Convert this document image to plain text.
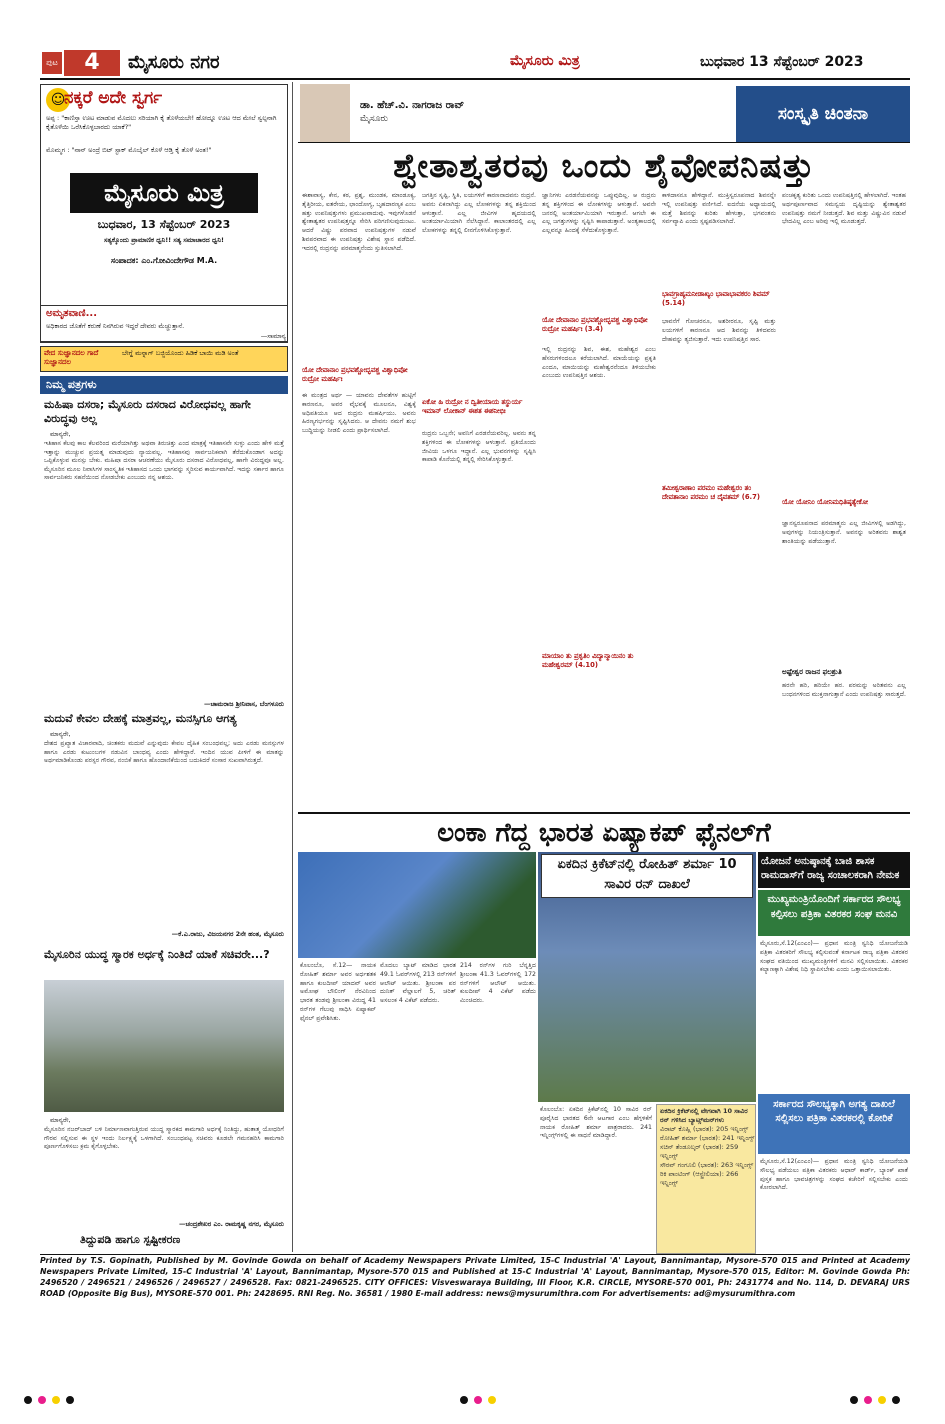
ಪುಟ	4	ಮೈಸೂರು ನಗರ	ಮೈಸೂರು ಮಿತ್ರ	ಬುಧವಾರ 13 ಸೆಪ್ಟೆಂಬರ್ 2023
☺
ನಕ್ಕರೆ ಅದೇ ಸ್ವರ್ಗ
ಅಪ್ಪ : "ಕಾಣಿಸ್ತಾ ಊಟ ಮಾಡುವ ಮೊದಲು ಸರಿಯಾಗಿ ಕೈ ತೊಳೆಯಬೇ! ಹೋದ್ನೂ ಊಟ ಆದ ಮೇಲೆ ಸ್ವಲ್ಪನಾಗಿ ಕೈತೊಳೆಯಿ ಒರೆಸಿಕೊಳ್ಳಬಾರದು ಯಾಕೆ?"
ಮೊಮ್ಮಗ : "ನಾನ್ ಅಂದ್ರೆ ಬಿಟ್ ಸ್ಟಾಕ್ ಮೊಬೈಲ್ ಕೊಳೆ ಆಡ್ತಿ ಕೈ ತೊಳೆ ಅಂತ!"
ಮೈಸೂರು ಮಿತ್ರ
ಬುಧವಾರ, 13 ಸೆಪ್ಟೆಂಬರ್ 2023
ಸತ್ಯಕ್ಕೊಂದು ಪ್ರಾಮಾಣಿಕ ಧ್ವನಿ!! ಸತ್ಯ ಸಮಾಚಾರದ ಧ್ವನಿ!
ಸಂಪಾದಕ: ಎಂ.ಗೋವಿಂದೇಗೌಡ M.A.
ಅಮೃತವಾಣಿ...
ಅಧಿಕಾರದ ಜೊತೆಗೆ ಕರುಣೆ ನಿನಗಿರುವ ಇದ್ದರೆ ದೇವರು ಮೆಚ್ಚುತ್ತಾನೆ.
—ಸಾಮಾನ್ಯ
ವೇದ ಸುಜ್ಞಾನದಲ ಗಾದೆ ಸುಜ್ಞಾನದಲ
ಬೇಗ್ಡೆ ಮನ್ನಾಗ್ ಬಜ್ಜಿಯೊಂದು ಹಿಡಿಕೆ ಬಾಯಿ ಮಡಿ ಅಂತೆ
ನಿಮ್ಮ ಪತ್ರಗಳು
ಮಹಿಷಾ ದಸರಾ; ಮೈಸೂರು ದಸರಾದ ವಿರೋಧವಲ್ಲ ಹಾಗೇ ವಿರುದ್ಧವು ಅಲ್ಲ
ಮಾನ್ಯರೇ,
ಇತಿಹಾಸ ಕೆಲವು ಕಾಲ ಕೆಲವರಿಂದ ಮರೆಯಾಗಿತ್ತು ಅಥವಾ ತಿರುಚಿತ್ತು ಎಂದ ಮಾತ್ರಕ್ಕೆ ಇತಿಹಾಸವೇ ಸುಳ್ಳು ಎಂದು ಹೇಳಿ ಮತ್ತೆ ಇತ್ತಾನ್ನು ಮುಚ್ಚುವ ಪ್ರಯತ್ನ ಮಾಡುವುದು ನ್ಯಾಯವಲ್ಲ. ಇತಿಹಾಸವು ಸಾರ್ವಜನಿಕವಾಗಿ ತೆರೆದುಕೊಂಡಾಗ ಅದನ್ನು ಒಪ್ಪಿಕೊಳ್ಳುವ ಮನಸ್ಸು ಬೇಕು. ಮಹಿಷಾ ದಸರಾ ಆಚರಣೆಯು ಮೈಸೂರು ದಸರಾದ ವಿರೋಧವಲ್ಲ, ಹಾಗೇ ವಿರುದ್ಧವೂ ಅಲ್ಲ. ಮೈಸೂರಿನ ಮೂಲ ನಿವಾಸಿಗಳ ಸಾಂಸ್ಕೃತಿಕ ಇತಿಹಾಸದ ಒಂದು ಭಾಗವನ್ನು ಸ್ಮರಿಸುವ ಕಾರ್ಯವಾಗಿದೆ. ಇದನ್ನು ಸರ್ಕಾರ ಹಾಗೂ ಸಾರ್ವಜನಿಕರು ಸಹನೆಯಿಂದ ನೋಡಬೇಕು ಎಂಬುದು ನನ್ನ ಆಶಯ.
—ಚಾಮರಾಜ ಶ್ರೀನಿವಾಸ, ಬೆಂಗಳೂರು
ಮದುವೆ ಕೇವಲ ದೇಹಕ್ಕೆ ಮಾತ್ರವಲ್ಲ, ಮನಸ್ಸಿಗೂ ಆಗತ್ಯ
ಮಾನ್ಯರೇ,
ದೇಶದ ಪ್ರಖ್ಯಾತ ವಿಚಾರವಾದಿ, ಚಿಂತಕರು ಮದುವೆ ಎನ್ನುವುದು ಕೇವಲ ದೈಹಿಕ ಸಂಬಂಧವಲ್ಲ; ಅದು ಎರಡು ಮನಸ್ಸುಗಳ ಹಾಗೂ ಎರಡು ಕುಟುಂಬಗಳ ನಡುವಿನ ಬಾಂಧವ್ಯ ಎಂದು ಹೇಳಿದ್ದಾರೆ. ಇಂದಿನ ಯುವ ಪೀಳಿಗೆ ಈ ಮಾತನ್ನು ಅರ್ಥಮಾಡಿಕೊಂಡು ಪರಸ್ಪರ ಗೌರವ, ನಂಬಿಕೆ ಹಾಗೂ ಹೊಂದಾಣಿಕೆಯಿಂದ ಬದುಕಿದರೆ ಸಂಸಾರ ಸುಖವಾಗಿರುತ್ತದೆ.
—ಕೆ.ಎ.ರಾಜು, ವಿಜಯನಗರ 2ನೇ ಹಂತ, ಮೈಸೂರು
ಮೈಸೂರಿನ ಯುದ್ಧ ಸ್ಮಾರಕ ಅರ್ಧಕ್ಕೆ ನಿಂತಿದೆ ಯಾಕೆ ಸಚಿವರೇ...?
ಮಾನ್ಯರೇ,
ಮೈಸೂರಿನ ನಜರ್‌ಬಾದ್ ಬಳಿ ನಿರ್ಮಾಣವಾಗುತ್ತಿರುವ ಯುದ್ಧ ಸ್ಮಾರಕದ ಕಾಮಗಾರಿ ಅರ್ಧಕ್ಕೆ ನಿಂತಿದ್ದು, ಹುತಾತ್ಮ ಯೋಧರಿಗೆ ಗೌರವ ಸಲ್ಲಿಸುವ ಈ ಸ್ಥಳ ಇಂದು ನಿರ್ಲಕ್ಷ್ಯಕ್ಕೆ ಒಳಗಾಗಿದೆ. ಸಂಬಂಧಪಟ್ಟ ಸಚಿವರು ಕೂಡಲೇ ಗಮನಹರಿಸಿ ಕಾಮಗಾರಿ ಪೂರ್ಣಗೊಳಿಸಲು ಕ್ರಮ ಕೈಗೊಳ್ಳಬೇಕು.
—ಚಂದ್ರಶೇಖರ ಎಂ. ರಾಮಕೃಷ್ಣ ನಗರ, ಮೈಸೂರು
ತಿದ್ದುಪಡಿ ಹಾಗೂ ಸ್ಪಷ್ಟೀಕರಣ
ಡಾ. ಹೆಚ್.ವಿ. ನಾಗರಾಜ ರಾವ್
ಮೈಸೂರು	ಸಂಸ್ಕೃತಿ ಚಿಂತನಾ
ಶ್ವೇತಾಶ್ವತರವು ಒಂದು ಶೈವೋಪನಿಷತ್ತು
ಈಶಾವಾಸ್ಯ, ಕೇನ, ಕಠ, ಪ್ರಶ್ನ, ಮುಂಡಕ, ಮಾಂಡೂಕ್ಯ, ತೈತ್ತಿರೀಯ, ಐತರೇಯ, ಛಾಂದೋಗ್ಯ, ಬೃಹದಾರಣ್ಯಕ ಎಂಬ ಹತ್ತು ಉಪನಿಷತ್ತುಗಳು ಪ್ರಮುಖವಾದುವು. ಇವುಗಳೊಡನೆ ಶ್ವೇತಾಶ್ವತರ ಉಪನಿಷತ್ತನ್ನೂ ಸೇರಿಸಿ ಪರಿಗಣಿಸುವುದುಂಟು. ಆದರೆ ವಿಷ್ಣು ಪರವಾದ ಉಪನಿಷತ್ತುಗಳ ನಡುವೆ ಶಿವಪರವಾದ ಈ ಉಪನಿಷತ್ತು ವಿಶೇಷ ಸ್ಥಾನ ಪಡೆದಿದೆ. ಇದರಲ್ಲಿ ರುದ್ರನನ್ನು ಪರಮಾತ್ಮನೆಂದು ಸ್ತುತಿಸಲಾಗಿದೆ.
ಯೋ ದೇವಾನಾಂ ಪ್ರಭವಶ್ಚೋದ್ಭವಶ್ಚ ವಿಶ್ವಾಧಿಪೋ ರುದ್ರೋ ಮಹರ್ಷಿಃ
ಈ ಮಂತ್ರದ ಅರ್ಥ — ಯಾವನು ದೇವತೆಗಳ ಹುಟ್ಟಿಗೆ ಕಾರಣನೂ, ಅವರ ವೈಭವಕ್ಕೆ ಮೂಲನೂ, ವಿಶ್ವಕ್ಕೆ ಅಧಿಪತಿಯೂ ಆದ ರುದ್ರನು ಮಹರ್ಷಿಯು. ಅವನು ಹಿರಣ್ಯಗರ್ಭನನ್ನು ಸೃಷ್ಟಿಸಿದನು. ಆ ದೇವನು ನಮಗೆ ಶುಭ ಬುದ್ಧಿಯನ್ನು ನೀಡಲಿ ಎಂದು ಪ್ರಾರ್ಥಿಸಲಾಗಿದೆ.
ಜಗತ್ತಿನ ಸೃಷ್ಟಿ, ಸ್ಥಿತಿ, ಲಯಗಳಿಗೆ ಕಾರಣನಾದವನು ರುದ್ರನೆ. ಅವನು ಏಕನಾಗಿದ್ದು ಎಲ್ಲ ಲೋಕಗಳನ್ನು ತನ್ನ ಶಕ್ತಿಯಿಂದ ಆಳುತ್ತಾನೆ. ಎಲ್ಲ ಜೀವಿಗಳ ಹೃದಯದಲ್ಲಿ ಅಂತರ್ಯಾಮಿಯಾಗಿ ನೆಲೆಸಿದ್ದಾನೆ. ಕಾಲಾಂತರದಲ್ಲಿ ಎಲ್ಲ ಲೋಕಗಳನ್ನು ತನ್ನಲ್ಲಿ ಲೀನಗೊಳಿಸಿಕೊಳ್ಳುತ್ತಾನೆ.
ಏಕೋ ಹಿ ರುದ್ರೋ ನ ದ್ವಿತೀಯಾಯ ತಸ್ಥುರ್ಯ ಇಮಾನ್ ಲೋಕಾನ್ ಈಶತ ಈಶನೀಭಿಃ
ರುದ್ರನು ಒಬ್ಬನೇ; ಅವನಿಗೆ ಎರಡನೆಯವರಿಲ್ಲ. ಅವನು ತನ್ನ ಶಕ್ತಿಗಳಿಂದ ಈ ಲೋಕಗಳನ್ನು ಆಳುತ್ತಾನೆ. ಪ್ರತಿಯೊಂದು ಜೀವಿಯ ಒಳಗೂ ಇದ್ದಾನೆ. ಎಲ್ಲ ಭುವನಗಳನ್ನು ಸೃಷ್ಟಿಸಿ ಕಾಪಾಡಿ ಕೊನೆಯಲ್ಲಿ ತನ್ನಲ್ಲಿ ಸೇರಿಸಿಕೊಳ್ಳುತ್ತಾನೆ.
ಜ್ಞಾನಿಗಳು ಎರಡನೆಯವನನ್ನು ಒಪ್ಪುವುದಿಲ್ಲ. ಆ ರುದ್ರನು ತನ್ನ ಶಕ್ತಿಗಳಿಂದ ಈ ಲೋಕಗಳನ್ನು ಆಳುತ್ತಾನೆ. ಅವನೇ ಜನರಲ್ಲಿ ಅಂತರ್ಯಾಮಿಯಾಗಿ ಇರುತ್ತಾನೆ. ಆಗಲೇ ಈ ಎಲ್ಲ ಜಗತ್ತುಗಳನ್ನು ಸೃಷ್ಟಿಸಿ ಕಾಪಾಡುತ್ತಾನೆ. ಅಂತ್ಯಕಾಲದಲ್ಲಿ ಎಲ್ಲವನ್ನೂ ಹಿಂದಕ್ಕೆ ಸೆಳೆದುಕೊಳ್ಳುತ್ತಾನೆ.
ಯೋ ದೇವಾನಾಂ ಪ್ರಭವಶ್ಚೋದ್ಭವಶ್ಚ ವಿಶ್ವಾಧಿಪೋ ರುದ್ರೋ ಮಹರ್ಷಿಃ (3.4)
ಇಲ್ಲಿ ರುದ್ರನನ್ನು ಶಿವ, ಈಶ, ಮಹೇಶ್ವರ ಎಂಬ ಹೆಸರುಗಳಿಂದಲೂ ಕರೆಯಲಾಗಿದೆ. ಮಾಯೆಯನ್ನು ಪ್ರಕೃತಿ ಎಂದೂ, ಮಾಯಿಯನ್ನು ಮಹೇಶ್ವರನೆಂದೂ ತಿಳಿಯಬೇಕು ಎಂಬುದು ಉಪನಿಷತ್ತಿನ ಆಶಯ.
ಮಾಯಾಂ ತು ಪ್ರಕೃತಿಂ ವಿದ್ಯಾನ್ಮಾಯಿನಂ ತು ಮಹೇಶ್ವರಮ್ (4.10)
ಕಾಳಿದಾಸನೂ ಹೇಳಿದ್ದಾನೆ. ಮುಕ್ತಿಸ್ವರೂಪನಾದ ಶಿವನನ್ನೇ ಇಲ್ಲಿ ಉಪನಿಷತ್ತು ವರ್ಣಿಸಿದೆ. ಐದನೆಯ ಅಧ್ಯಾಯದಲ್ಲಿ ಮತ್ತೆ ಶಿವನನ್ನು ಕುರಿತು ಹೇಳುತ್ತಾ, ಭಗವಂತನು ಸರ್ವವ್ಯಾಪಿ ಎಂದು ಸ್ಪಷ್ಟಪಡಿಸಲಾಗಿದೆ.
ಭಾವಗ್ರಾಹ್ಯಮನೀಡಾಖ್ಯಂ ಭಾವಾಭಾವಕರಂ ಶಿವಮ್ (5.14)
ಭಾವನೆಗೆ ಗೋಚರನೂ, ಅಶರೀರನೂ, ಸೃಷ್ಟಿ ಮತ್ತು ಲಯಗಳಿಗೆ ಕಾರಣನೂ ಆದ ಶಿವನನ್ನು ತಿಳಿದವರು ದೇಹವನ್ನು ತ್ಯಜಿಸುತ್ತಾರೆ. ಇದು ಉಪನಿಷತ್ತಿನ ಸಾರ.
ತಮೀಶ್ವರಾಣಾಂ ಪರಮಂ ಮಹೇಶ್ವರಂ ತಂ ದೇವತಾನಾಂ ಪರಮಂ ಚ ದೈವತಮ್ (6.7)
ಪಂಚಕೃತ್ಯ ಕುರಿತು ಒಂದು ಉಪನಿಷತ್ತಿನಲ್ಲಿ ಹೇಳಲಾಗಿದೆ. ಇಂತಹ ಅರ್ಥಪೂರ್ಣವಾದ ಸಮನ್ವಯ ದೃಷ್ಟಿಯನ್ನು ಶ್ವೇತಾಶ್ವತರ ಉಪನಿಷತ್ತು ನಮಗೆ ನೀಡುತ್ತದೆ. ಶಿವ ಮತ್ತು ವಿಷ್ಣುವಿನ ನಡುವೆ ಭೇದವಿಲ್ಲ ಎಂಬ ಅರಿವು ಇಲ್ಲಿ ಮೂಡುತ್ತದೆ.
ಯೋ ಯೋನಿಂ ಯೋನಿಮಧಿತಿಷ್ಠತ್ಯೇಕೋ
ಜ್ಞಾನಸ್ವರೂಪನಾದ ಪರಮಾತ್ಮನು ಎಲ್ಲ ಜೀವಿಗಳಲ್ಲಿ ಅಡಗಿದ್ದು, ಅವುಗಳನ್ನು ನಿಯಂತ್ರಿಸುತ್ತಾನೆ. ಅವನನ್ನು ಅರಿತವನು ಶಾಶ್ವತ ಶಾಂತಿಯನ್ನು ಪಡೆಯುತ್ತಾನೆ.
ಅಷ್ಟೇಶ್ವರ ರಾಜನ ಫಲಶ್ರುತಿ
ಹರನೇ ಹರಿ, ಹರಿಯೇ ಹರ. ಪರಮನ್ನು ಅರಿತವನು ಎಲ್ಲ ಬಂಧನಗಳಿಂದ ಮುಕ್ತನಾಗುತ್ತಾನೆ ಎಂದು ಉಪನಿಷತ್ತು ಸಾರುತ್ತದೆ.
ಲಂಕಾ ಗೆದ್ದ ಭಾರತ ಏಷ್ಯಾಕಪ್ ಫೈನಲ್‌ಗೆ
ಕೊಲಂಬೊ, ಸೆ.12— ನಾಯಕ ರೋಹಿತ್ ಶರ್ಮಾ ಅವರ ಅರ್ಧಶತಕ ಹಾಗೂ ಕುಲದೀಪ್ ಯಾದವ್ ಅವರ ಅಮೋಘ ಬೌಲಿಂಗ್ ನೆರವಿನಿಂದ ಭಾರತ ತಂಡವು ಶ್ರೀಲಂಕಾ ವಿರುದ್ಧ 41 ರನ್‌ಗಳ ಗೆಲುವು ಸಾಧಿಸಿ ಏಷ್ಯಾಕಪ್ ಫೈನಲ್ ಪ್ರವೇಶಿಸಿತು.
ಮೊದಲು ಬ್ಯಾಟ್ ಮಾಡಿದ ಭಾರತ 49.1 ಓವರ್‌ಗಳಲ್ಲಿ 213 ರನ್‌ಗಳಿಗೆ ಆಲೌಟ್ ಆಯಿತು. ಶ್ರೀಲಂಕಾ ಪರ ದುನಿತ್ ವೆಲ್ಲಾಲಗೆ 5, ಚರಿತ್ ಅಸಲಂಕ 4 ವಿಕೆಟ್ ಪಡೆದರು.
214 ರನ್‌ಗಳ ಗುರಿ ಬೆನ್ನತ್ತಿದ ಶ್ರೀಲಂಕಾ 41.3 ಓವರ್‌ಗಳಲ್ಲಿ 172 ರನ್‌ಗಳಿಗೆ ಆಲೌಟ್ ಆಯಿತು. ಕುಲದೀಪ್ 4 ವಿಕೆಟ್ ಪಡೆದು ಮಿಂಚಿದರು.
ಏಕದಿನ ಕ್ರಿಕೆಟ್‌ನಲ್ಲಿ ರೋಹಿತ್ ಶರ್ಮಾ 10 ಸಾವಿರ ರನ್ ದಾಖಲೆ
ಕೊಲಂಬೊ: ಏಕದಿನ ಕ್ರಿಕೆಟ್‌ನಲ್ಲಿ 10 ಸಾವಿರ ರನ್ ಪೂರೈಸಿದ ಭಾರತದ 6ನೇ ಆಟಗಾರ ಎಂಬ ಹೆಗ್ಗಳಿಕೆಗೆ ನಾಯಕ ರೋಹಿತ್ ಶರ್ಮಾ ಪಾತ್ರರಾದರು. 241 ಇನ್ನಿಂಗ್ಸ್‌ಗಳಲ್ಲಿ ಈ ಸಾಧನೆ ಮಾಡಿದ್ದಾರೆ.
ಏಕದಿನ ಕ್ರಿಕೆಟ್‌ನಲ್ಲಿ ವೇಗವಾಗಿ 10 ಸಾವಿರ ರನ್ ಗಳಿಸಿದ ಬ್ಯಾಟ್ಸ್‌ಮನ್‌ಗಳು
ವಿರಾಟ್ ಕೊಹ್ಲಿ (ಭಾರತ): 205 ಇನ್ನಿಂಗ್ಸ್
ರೋಹಿತ್ ಶರ್ಮಾ (ಭಾರತ): 241 ಇನ್ನಿಂಗ್ಸ್
ಸಚಿನ್ ತೆಂಡೂಲ್ಕರ್ (ಭಾರತ): 259 ಇನ್ನಿಂಗ್ಸ್
ಸೌರವ್ ಗಂಗೂಲಿ (ಭಾರತ): 263 ಇನ್ನಿಂಗ್ಸ್
ರಿಕಿ ಪಾಂಟಿಂಗ್ (ಆಸ್ಟ್ರೇಲಿಯಾ): 266 ಇನ್ನಿಂಗ್ಸ್
ಯೋಜನೆ ಅನುಷ್ಠಾನಕ್ಕೆ ಬಾಜಿ ಶಾಸಕ ರಾಮದಾಸ್‌ಗೆ ರಾಜ್ಯ ಸಂಚಾಲಕರಾಗಿ ನೇಮಕ
ಮುಖ್ಯಮಂತ್ರಿಯೊಂದಿಗೆ ಸರ್ಕಾರದ ಸೌಲಭ್ಯ ಕಲ್ಪಿಸಲು ಪತ್ರಿಕಾ ವಿತರಕರ ಸಂಘ ಮನವಿ
ಮೈಸೂರು,ಸೆ.12(ಎಂಎಂ)— ಪ್ರಧಾನ ಮಂತ್ರಿ ಸ್ವನಿಧಿ ಯೋಜನೆಯಡಿ ಪತ್ರಿಕಾ ವಿತರಕರಿಗೆ ಸೌಲಭ್ಯ ಕಲ್ಪಿಸುವಂತೆ ಕರ್ನಾಟಕ ರಾಜ್ಯ ಪತ್ರಿಕಾ ವಿತರಕರ ಸಂಘದ ವತಿಯಿಂದ ಮುಖ್ಯಮಂತ್ರಿಗಳಿಗೆ ಮನವಿ ಸಲ್ಲಿಸಲಾಯಿತು. ವಿತರಕರ ಕಲ್ಯಾಣಕ್ಕಾಗಿ ವಿಶೇಷ ನಿಧಿ ಸ್ಥಾಪಿಸಬೇಕು ಎಂದು ಒತ್ತಾಯಿಸಲಾಯಿತು.
ಸರ್ಕಾರದ ಸೌಲಭ್ಯಕ್ಕಾಗಿ ಅಗತ್ಯ ದಾಖಲೆ ಸಲ್ಲಿಸಲು ಪತ್ರಿಕಾ ವಿತರಕರಲ್ಲಿ ಕೋರಿಕೆ
ಮೈಸೂರು,ಸೆ.12(ಎಂಎಂ)— ಪ್ರಧಾನ ಮಂತ್ರಿ ಸ್ವನಿಧಿ ಯೋಜನೆಯಡಿ ಸೌಲಭ್ಯ ಪಡೆಯಲು ಪತ್ರಿಕಾ ವಿತರಕರು ಆಧಾರ್ ಕಾರ್ಡ್, ಬ್ಯಾಂಕ್ ಖಾತೆ ಪುಸ್ತಕ ಹಾಗೂ ಭಾವಚಿತ್ರಗಳನ್ನು ಸಂಘದ ಕಚೇರಿಗೆ ಸಲ್ಲಿಸಬೇಕು ಎಂದು ಕೋರಲಾಗಿದೆ.
Printed by T.S. Gopinath, Published by M. Govinde Gowda on behalf of Academy Newspapers Private Limited, 15-C Industrial 'A' Layout, Bannimantap, Mysore-570 015 and Printed at Academy Newspapers Private Limited, 15-C Industrial 'A' Layout, Bannimantap, Mysore-570 015 and Published at 15-C Industrial 'A' Layout, Bannimantap, Mysore-570 015, Editor: M. Govinde Gowda Ph: 2496520 / 2496521 / 2496526 / 2496527 / 2496528. Fax: 0821-2496525. CITY OFFICES: Visveswaraya Building, III Floor, K.R. CIRCLE, MYSORE-570 001, Ph: 2431774 and No. 114, D. DEVARAJ URS ROAD (Opposite Big Bus), MYSORE-570 001. Ph: 2428695. RNI Reg. No. 36581 / 1980 E-mail address: news@mysurumithra.com For advertisements: ad@mysurumithra.com
